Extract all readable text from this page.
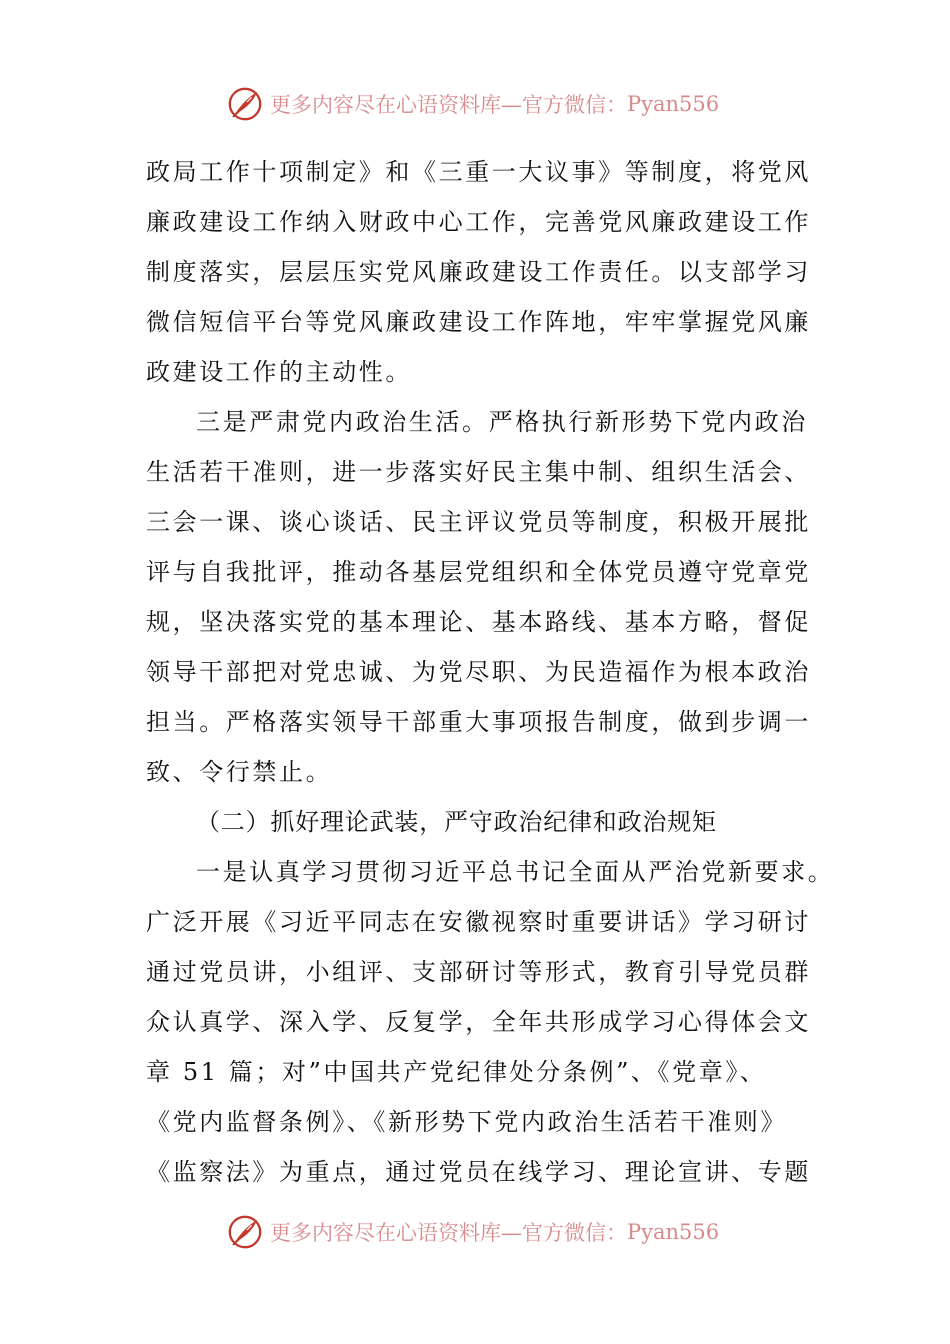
更多内容尽在心语资料库—官方微信： Pyan556
政局工作十项制定》和《三重一大议事》等制度，将党风
廉政建设工作纳入财政中心工作，完善党风廉政建设工作
制度落实，层层压实党风廉政建设工作责任。以支部学习
微信短信平台等党风廉政建设工作阵地，牢牢掌握党风廉
政建设工作的主动性。
三是严肃党内政治生活。严格执行新形势下党内政治
生活若干准则，进一步落实好民主集中制、组织生活会、
三会一课、谈心谈话、民主评议党员等制度，积极开展批
评与自我批评，推动各基层党组织和全体党员遵守党章党
规，坚决落实党的基本理论、基本路线、基本方略，督促
领导干部把对党忠诚、为党尽职、为民造福作为根本政治
担当。严格落实领导干部重大事项报告制度，做到步调一
致、令行禁止。
（二）抓好理论武装，严守政治纪律和政治规矩
一是认真学习贯彻习近平总书记全面从严治党新要求。
广泛开展《习近平同志在安徽视察时重要讲话》学习研讨
通过党员讲，小组评、支部研讨等形式，教育引导党员群
众认真学、深入学、反复学，全年共形成学习心得体会文
章 51 篇；对”中国共产党纪律处分条例”、《党章》、
《党内监督条例》、《新形势下党内政治生活若干准则》
《监察法》为重点，通过党员在线学习、理论宣讲、专题
更多内容尽在心语资料库—官方微信： Pyan556
